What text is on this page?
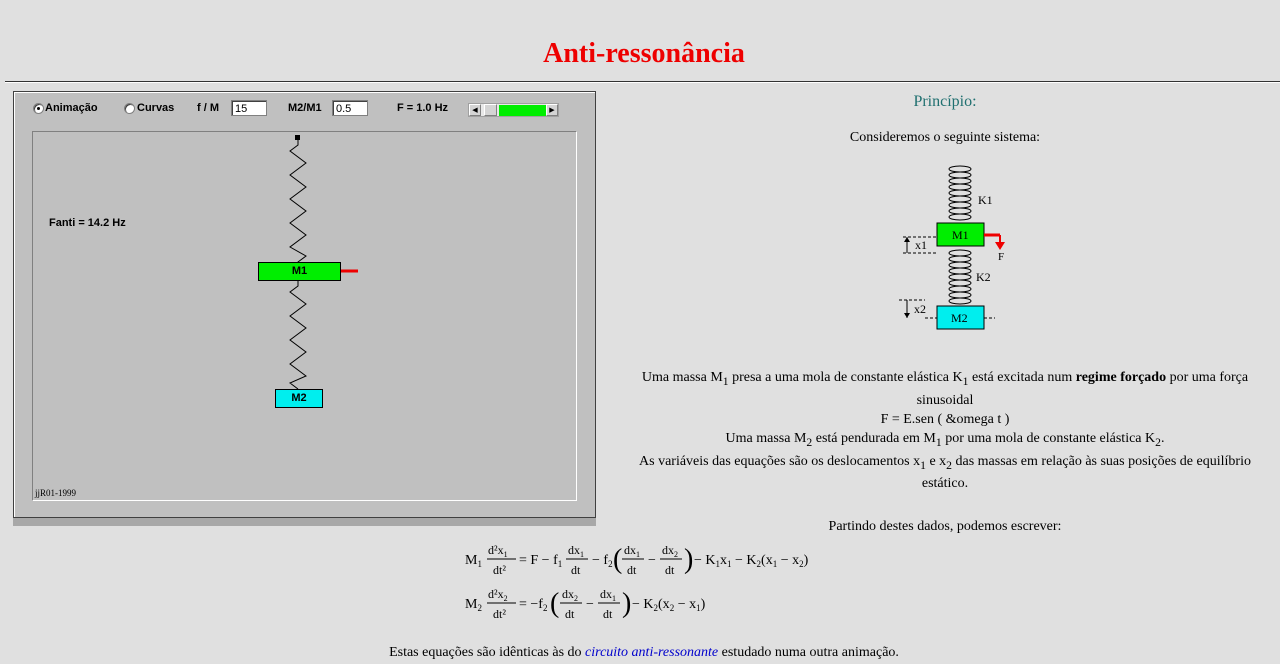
Anti-ressonância
Animação	Curvas f / M	15	M2/M1	0.5	F = 1.0 Hz	◀	▶
M1
M2
Fanti = 14.2 Hz
jjR01-1999
Princípio:
Consideremos o seguinte sistema:
K1
M1
x1
F
K2
x2
M2
Uma massa $M_1$ presa a uma mola de constante elástica $K_1$ está excitada num regime forçado por uma força
sinusoidal
F = E.sen ( &omega t )
Uma massa $M_2$ está pendurada em $M_1$ por uma mola de constante elástica $K_2$.
As variáveis das equações são os deslocamentos $x_1$ e $x_2$ das massas em relação às suas posições de equilíbrio
estático.
Partindo destes dados, podemos escrever:
$M_1$
$d^2x_1$
dt²
= $F - f_1$
$dx_1$
dt
− $f_2$ ( $dx_1$
dt
−
$dx_2$
dt ) − $K_1x_1 - K_2(x_1 - x_2)$
$M_2$
$d^2x_2$
dt²
= $-f_2$ ( $dx_2$
dt
−
$dx_1$
dt ) − $K_2(x_2 - x_1)$
Estas equações são idênticas às do circuito anti-ressonante estudado numa outra animação.
